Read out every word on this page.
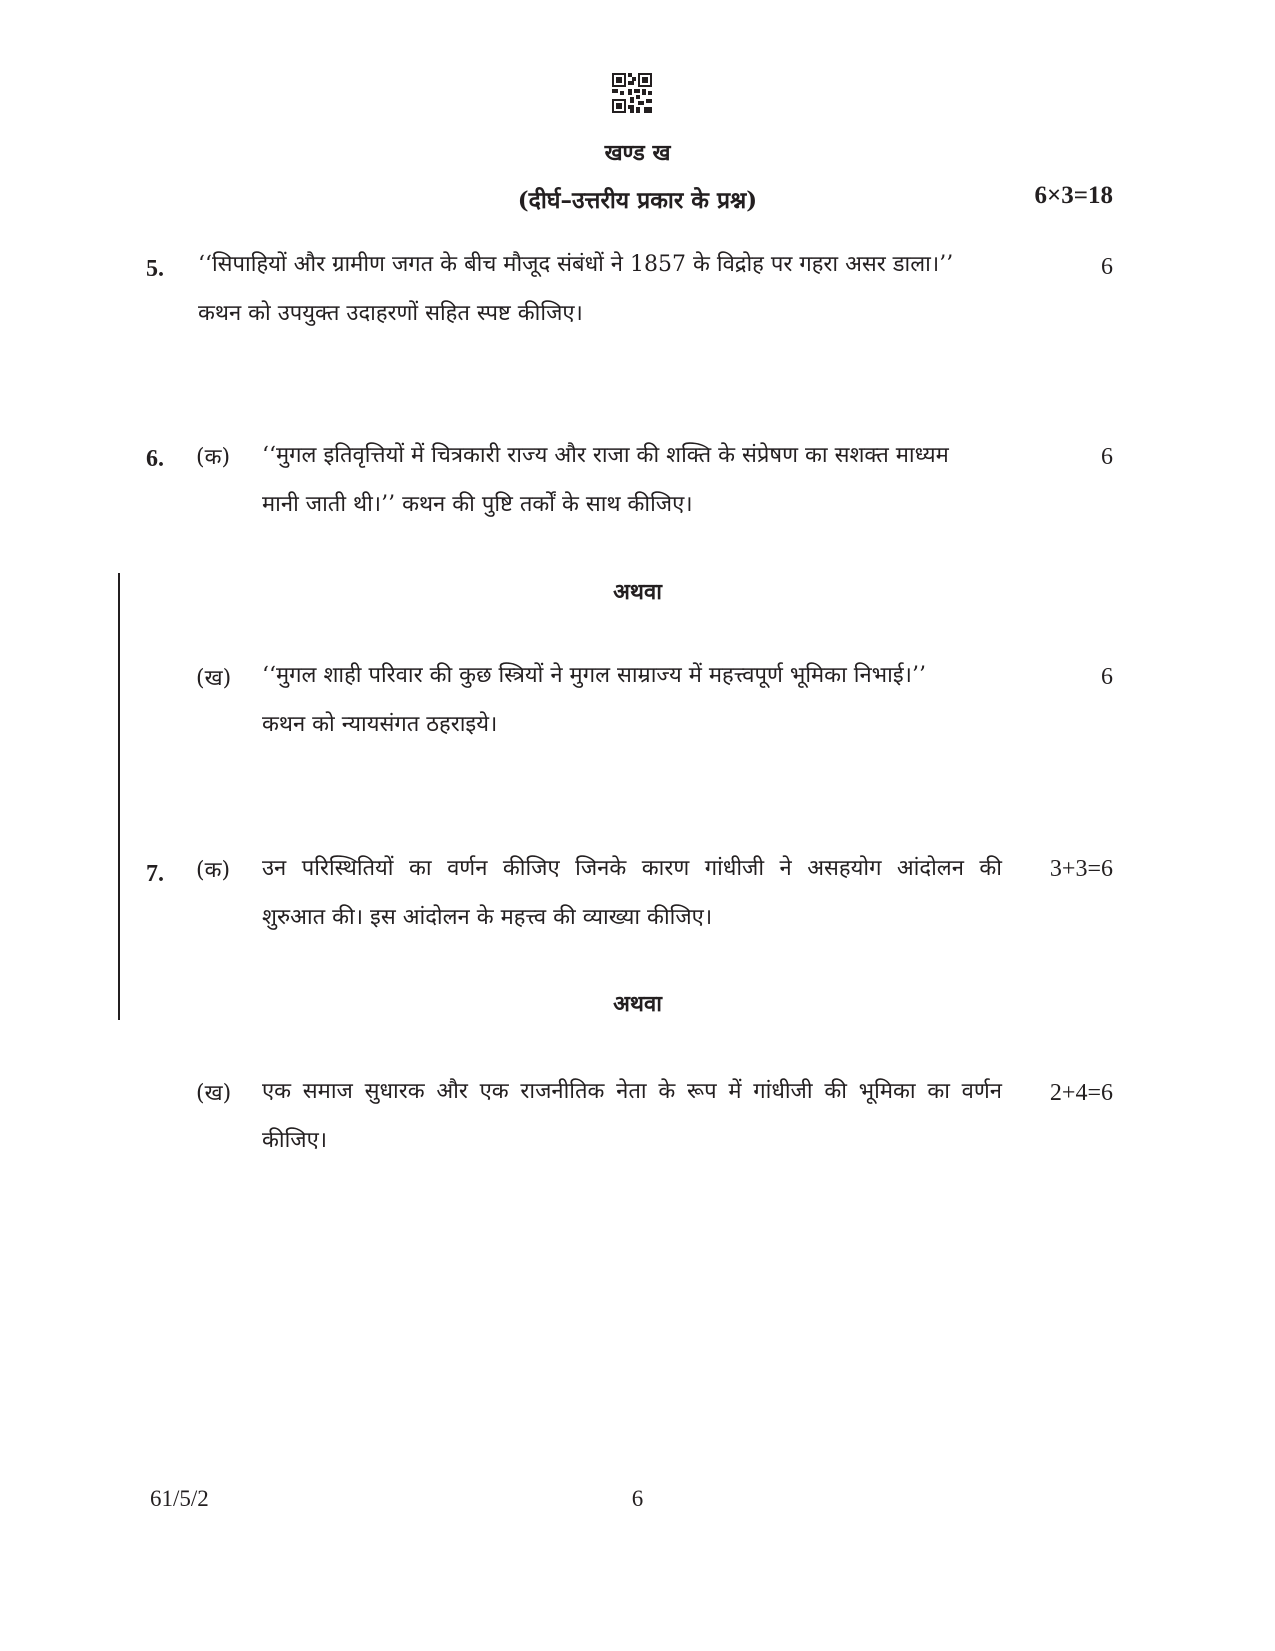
खण्ड ख
(दीर्घ–उत्तरीय प्रकार के प्रश्न)	6×3=18
5. ‘‘सिपाहियों और ग्रामीण जगत के बीच मौजूद संबंधों ने 1857 के विद्रोह पर गहरा असर डाला।’’
कथन को उपयुक्त उदाहरणों सहित स्पष्ट कीजिए।
6
6. (क) ‘‘मुगल इतिवृत्तियों में चित्रकारी राज्य और राजा की शक्ति के संप्रेषण का सशक्त माध्यम
मानी जाती थी।’’ कथन की पुष्टि तर्कों के साथ कीजिए।
6
अथवा
(ख) ‘‘मुगल शाही परिवार की कुछ स्त्रियों ने मुगल साम्राज्य में महत्त्वपूर्ण भूमिका निभाई।’’
कथन को न्यायसंगत ठहराइये।
6
7. (क) उन परिस्थितियों का वर्णन कीजिए जिनके कारण गांधीजी ने असहयोग आंदोलन की
शुरुआत की। इस आंदोलन के महत्त्व की व्याख्या कीजिए।
3+3=6
अथवा
(ख) एक समाज सुधारक और एक राजनीतिक नेता के रूप में गांधीजी की भूमिका का वर्णन
कीजिए।
2+4=6
61/5/2	6
